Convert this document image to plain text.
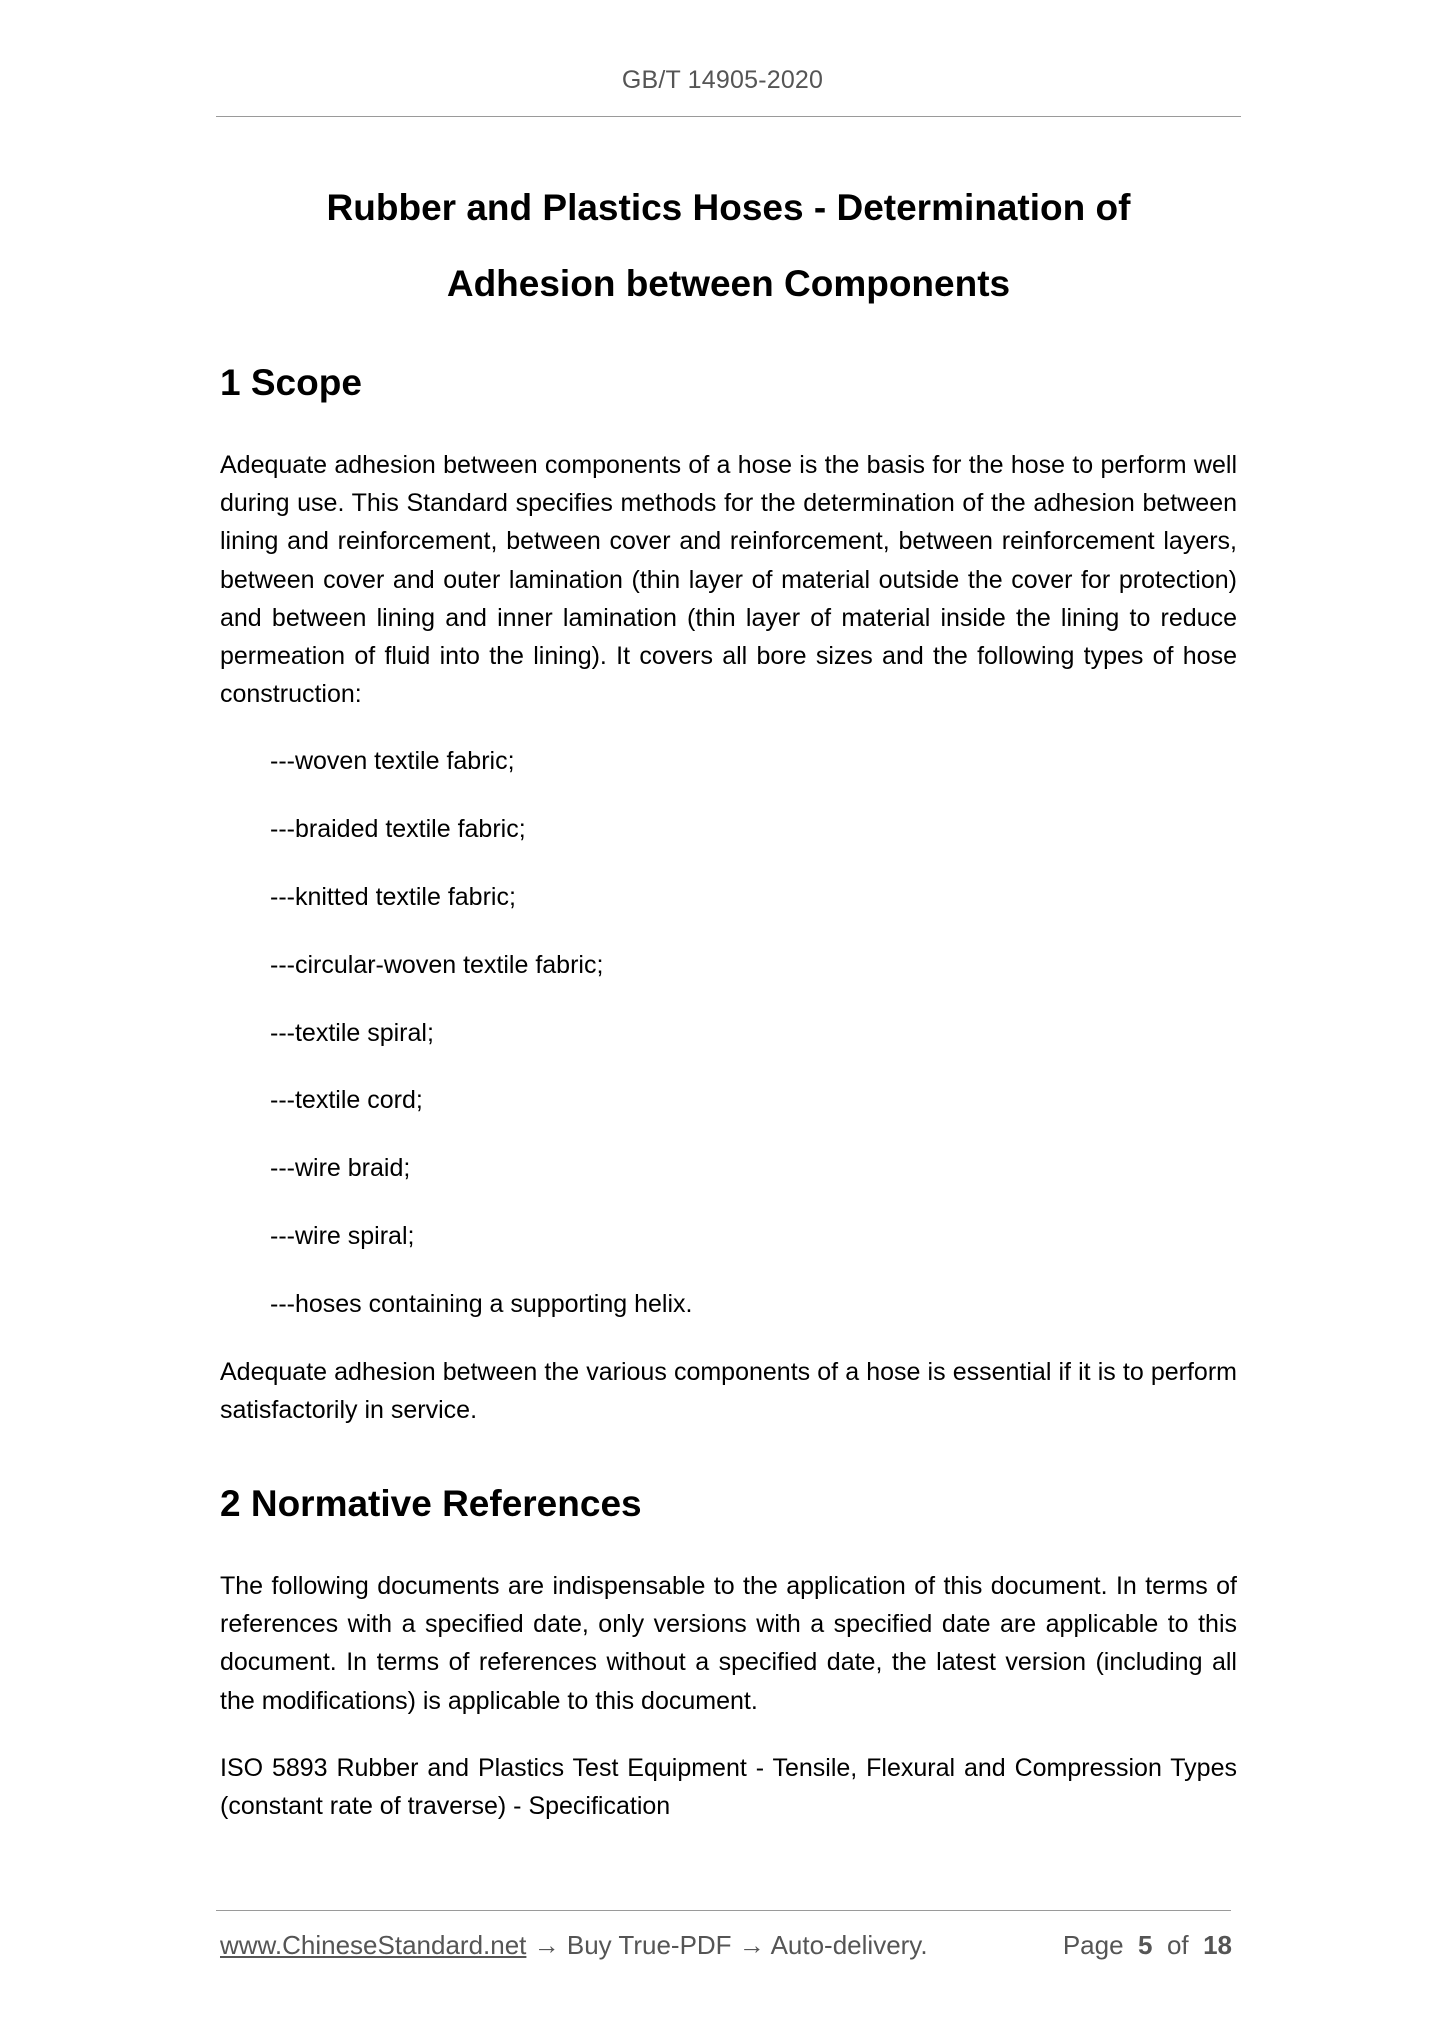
GB/T 14905-2020
Rubber and Plastics Hoses - Determination of
Adhesion between Components
1 Scope

Adequate adhesion between components of a hose is the basis for the hose to perform well during use. This Standard specifies methods for the determination of the adhesion between lining and reinforcement, between cover and reinforcement, between reinforcement layers, between cover and outer lamination (thin layer of material outside the cover for protection) and between lining and inner lamination (thin layer of material inside the lining to reduce permeation of fluid into the lining). It covers all bore sizes and the following types of hose construction:

---woven textile fabric;
---braided textile fabric;
---knitted textile fabric;
---circular-woven textile fabric;
---textile spiral;
---textile cord;
---wire braid;
---wire spiral;
---hoses containing a supporting helix.

Adequate adhesion between the various components of a hose is essential if it is to perform satisfactorily in service.

2 Normative References

The following documents are indispensable to the application of this document. In terms of references with a specified date, only versions with a specified date are applicable to this document. In terms of references without a specified date, the latest version (including all the modifications) is applicable to this document.

ISO 5893 Rubber and Plastics Test Equipment - Tensile, Flexural and Compression Types (constant rate of traverse) - Specification

www.ChineseStandard.net → Buy True-PDF → Auto-delivery.	Page 5 of 18
